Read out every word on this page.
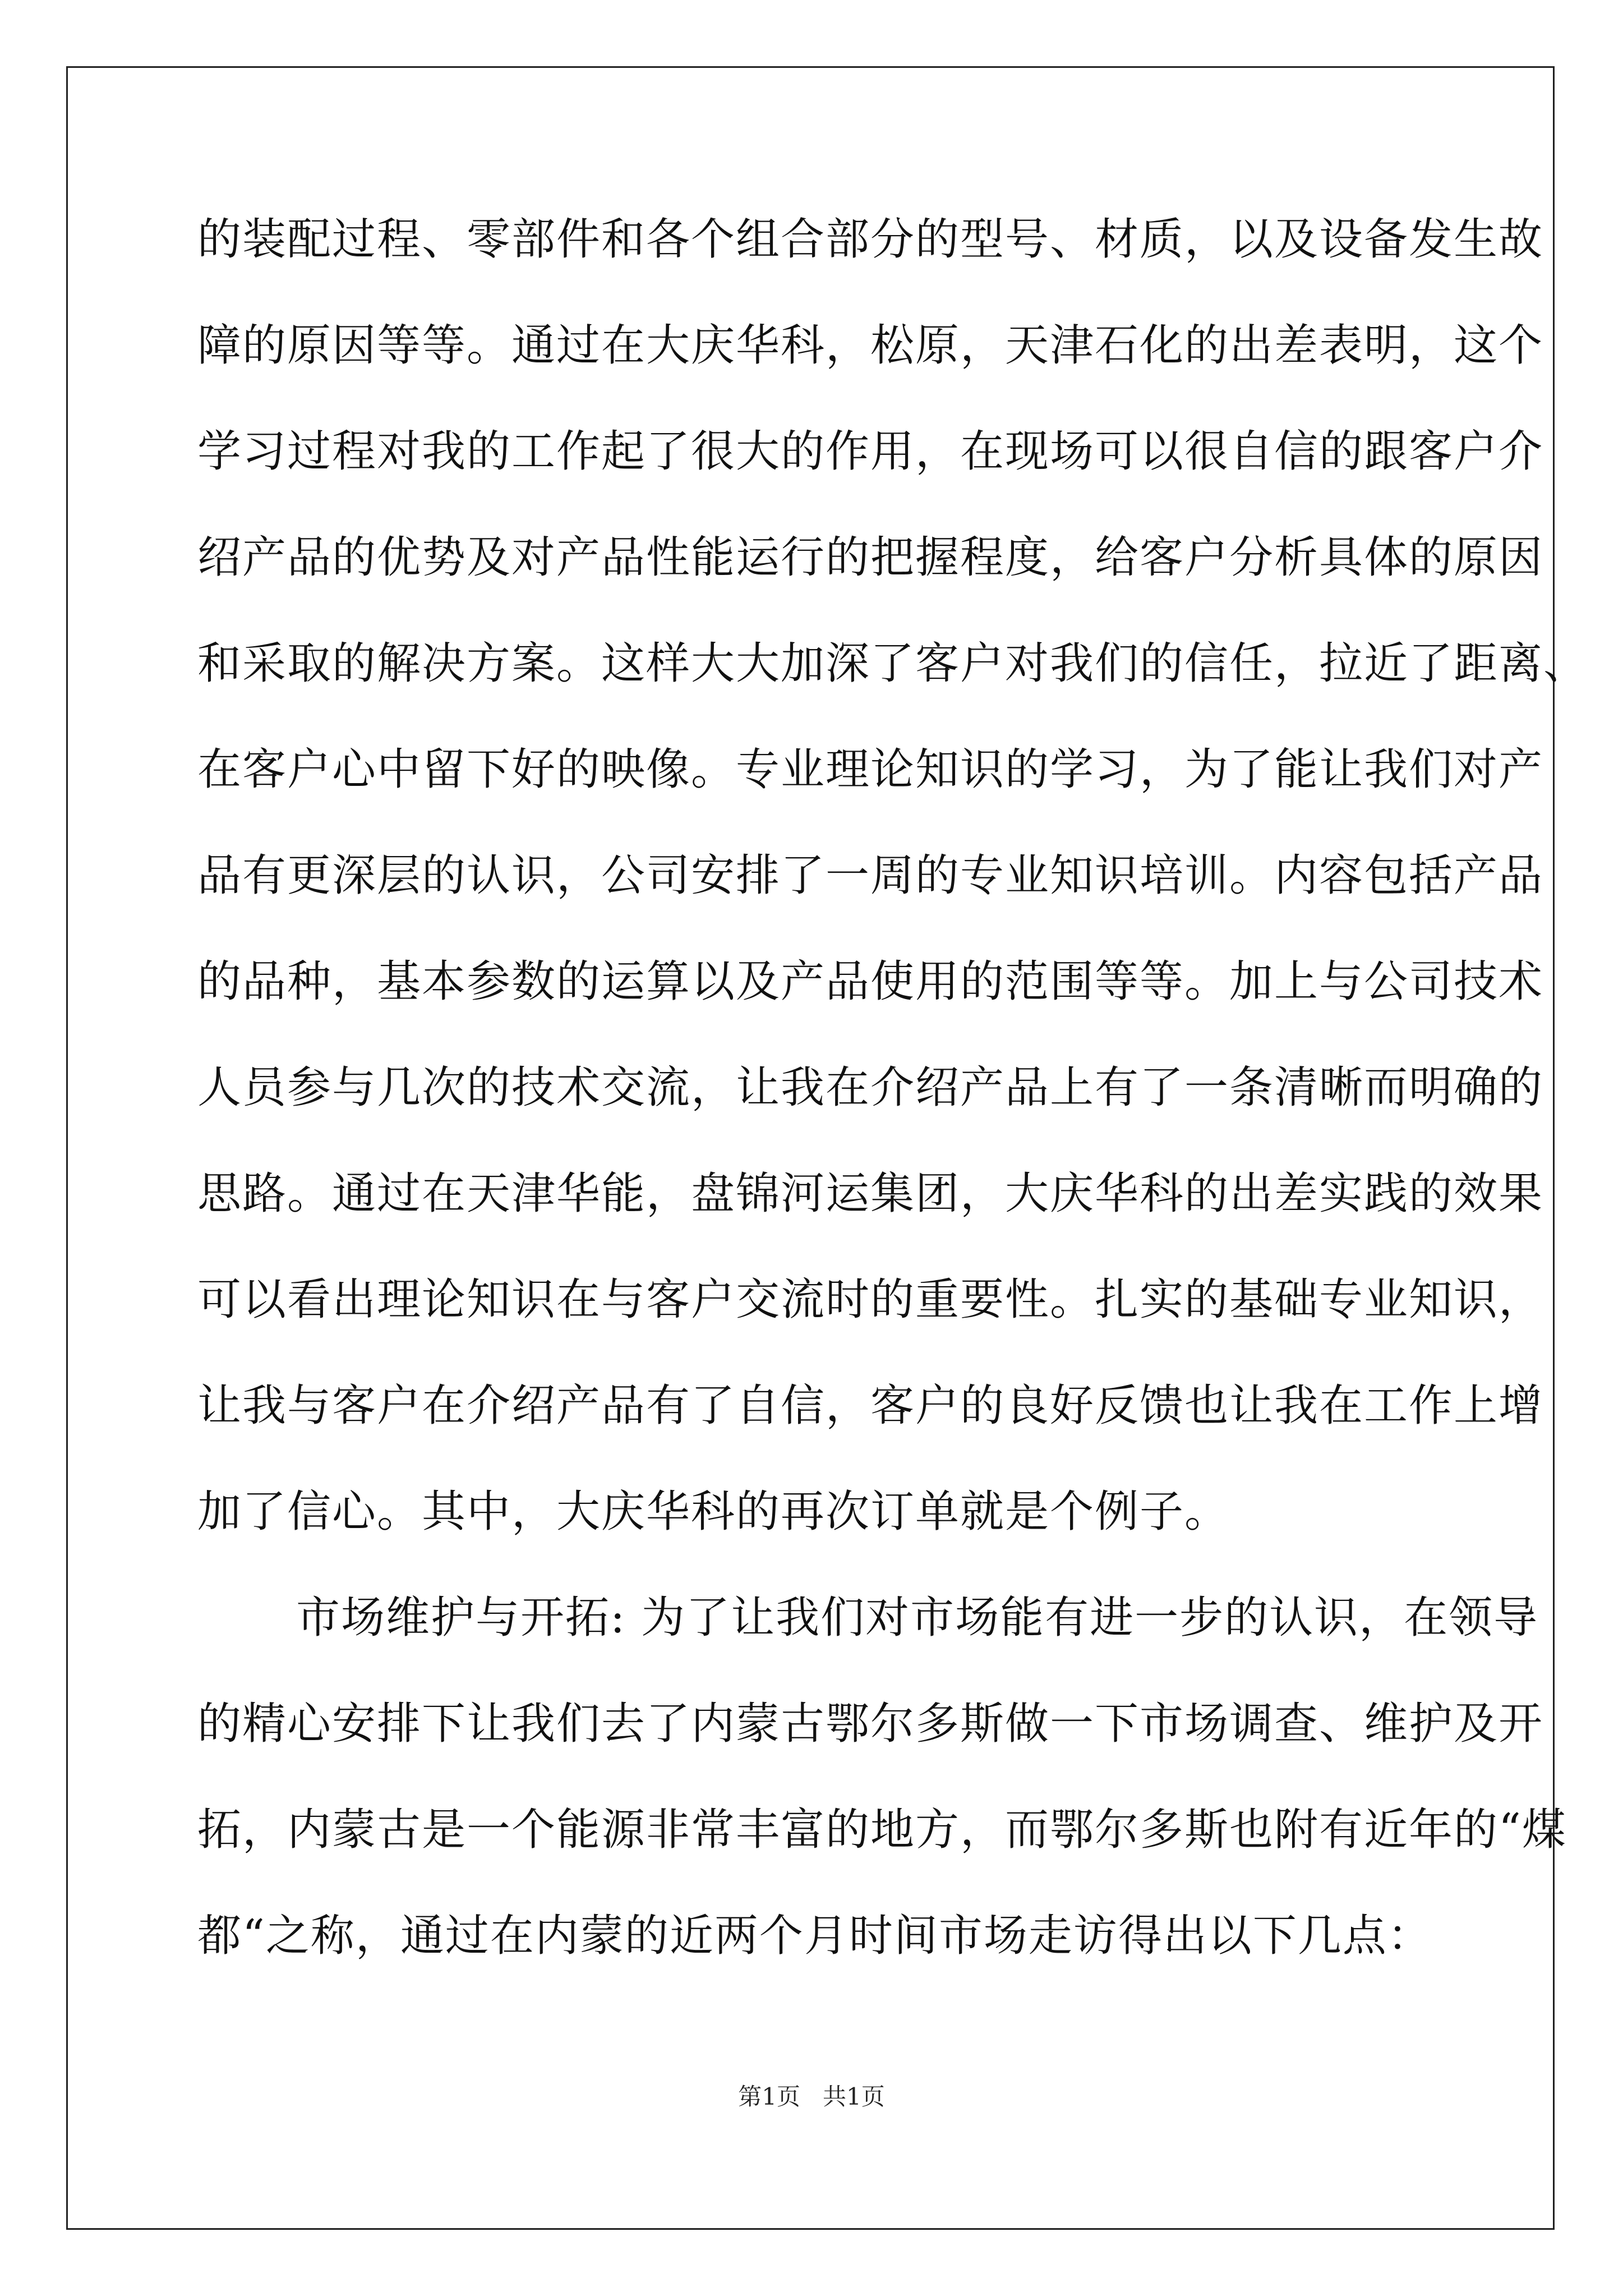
的装配过程、零部件和各个组合部分的型号、材质，以及设备发生故
障的原因等等。通过在大庆华科，松原，天津石化的出差表明，这个
学习过程对我的工作起了很大的作用，在现场可以很自信的跟客户介
绍产品的优势及对产品性能运行的把握程度，给客户分析具体的原因
和采取的解决方案。这样大大加深了客户对我们的信任，拉近了距离、
在客户心中留下好的映像。专业理论知识的学习，为了能让我们对产
品有更深层的认识，公司安排了一周的专业知识培训。内容包括产品
的品种，基本参数的运算以及产品使用的范围等等。加上与公司技术
人员参与几次的技术交流，让我在介绍产品上有了一条清晰而明确的
思路。通过在天津华能，盘锦河运集团，大庆华科的出差实践的效果
可以看出理论知识在与客户交流时的重要性。扎实的基础专业知识，
让我与客户在介绍产品有了自信，客户的良好反馈也让我在工作上增
加了信心。其中，大庆华科的再次订单就是个例子。
市场维护与开拓: 为了让我们对市场能有进一步的认识，在领导
的精心安排下让我们去了内蒙古鄂尔多斯做一下市场调查、维护及开
拓，内蒙古是一个能源非常丰富的地方，而鄂尔多斯也附有近年的“煤
都“之称，通过在内蒙的近两个月时间市场走访得出以下几点：
第1页 共1页
